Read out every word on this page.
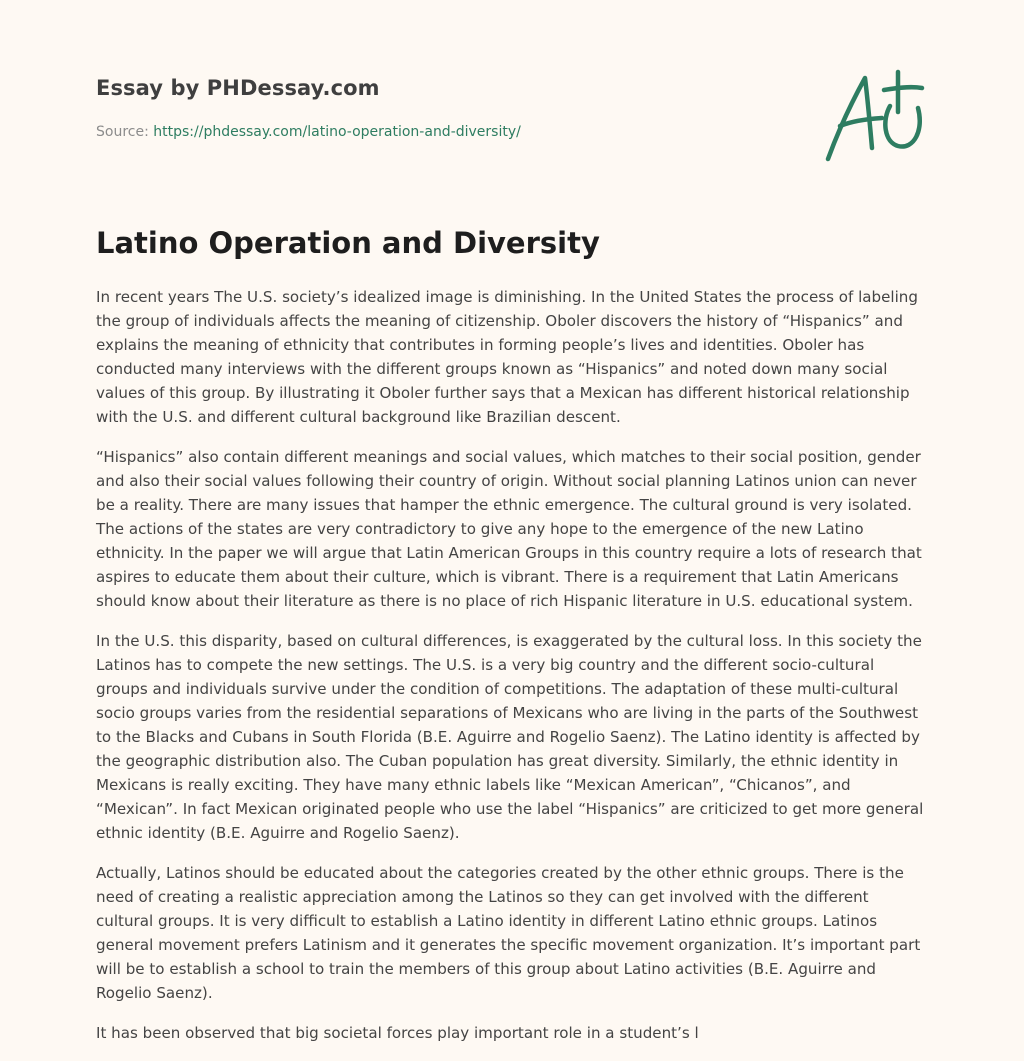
Essay by PHDessay.com
Source: https://phdessay.com/latino-operation-and-diversity/
Latino Operation and Diversity

In recent years The U.S. society’s idealized image is diminishing. In the United States the process of labeling the group of individuals affects the meaning of citizenship. Oboler discovers the history of “Hispanics” and explains the meaning of ethnicity that contributes in forming people’s lives and identities. Oboler has conducted many interviews with the different groups known as “Hispanics” and noted down many social values of this group. By illustrating it Oboler further says that a Mexican has different historical relationship with the U.S. and different cultural background like Brazilian descent.

“Hispanics” also contain different meanings and social values, which matches to their social position, gender and also their social values following their country of origin. Without social planning Latinos union can never be a reality. There are many issues that hamper the ethnic emergence. The cultural ground is very isolated. The actions of the states are very contradictory to give any hope to the emergence of the new Latino ethnicity. In the paper we will argue that Latin American Groups in this country require a lots of research that aspires to educate them about their culture, which is vibrant. There is a requirement that Latin Americans should know about their literature as there is no place of rich Hispanic literature in U.S. educational system.

In the U.S. this disparity, based on cultural differences, is exaggerated by the cultural loss. In this society the Latinos has to compete the new settings. The U.S. is a very big country and the different socio-cultural groups and individuals survive under the condition of competitions. The adaptation of these multi-cultural socio groups varies from the residential separations of Mexicans who are living in the parts of the Southwest to the Blacks and Cubans in South Florida (B.E. Aguirre and Rogelio Saenz). The Latino identity is affected by the geographic distribution also. The Cuban population has great diversity. Similarly, the ethnic identity in Mexicans is really exciting. They have many ethnic labels like “Mexican American”, “Chicanos”, and “Mexican”. In fact Mexican originated people who use the label “Hispanics” are criticized to get more general ethnic identity (B.E. Aguirre and Rogelio Saenz).

Actually, Latinos should be educated about the categories created by the other ethnic groups. There is the need of creating a realistic appreciation among the Latinos so they can get involved with the different cultural groups. It is very difficult to establish a Latino identity in different Latino ethnic groups. Latinos general movement prefers Latinism and it generates the specific movement organization. It’s important part will be to establish a school to train the members of this group about Latino activities (B.E. Aguirre and Rogelio Saenz).

It has been observed that big societal forces play important role in a student’s l
